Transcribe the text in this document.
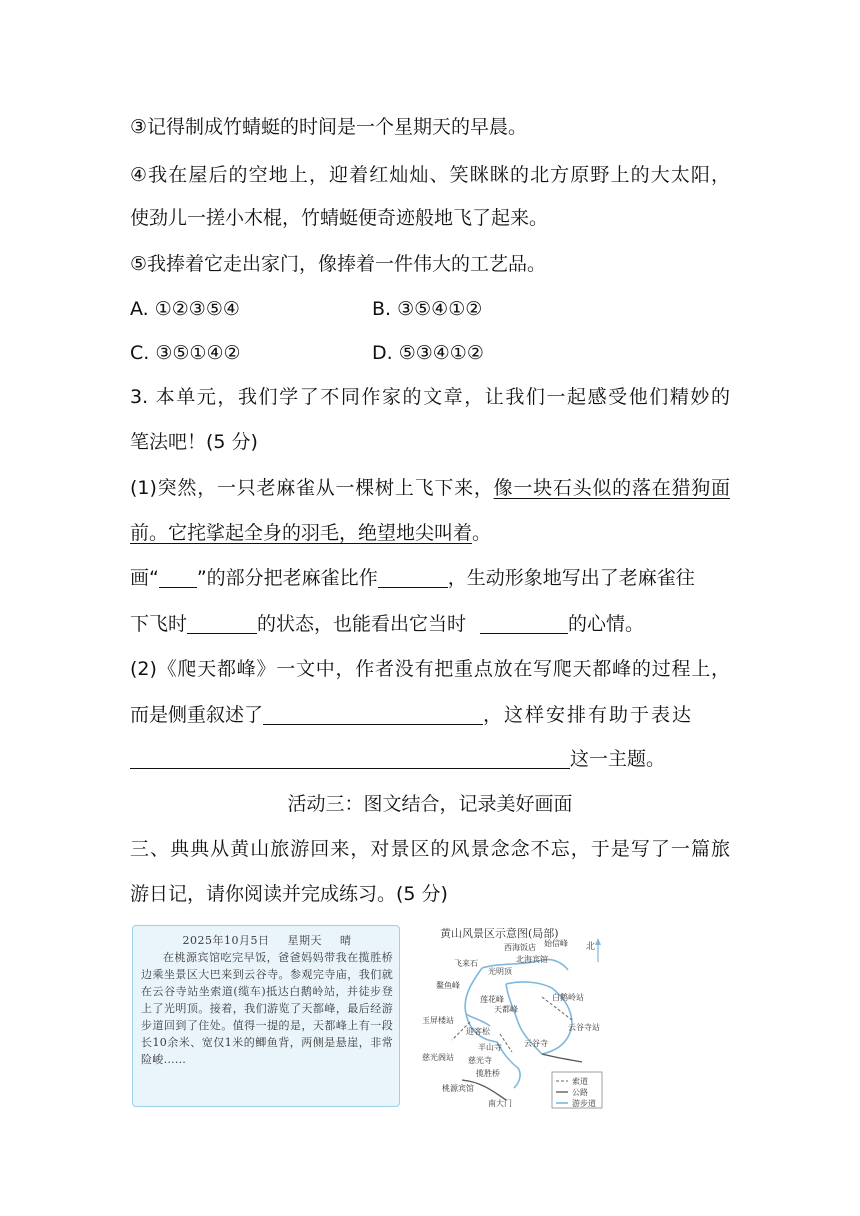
③记得制成竹蜻蜓的时间是一个星期天的早晨。
④我在屋后的空地上，迎着红灿灿、笑眯眯的北方原野上的大太阳，
使劲儿一搓小木棍，竹蜻蜓便奇迹般地飞了起来。
⑤我捧着它走出家门，像捧着一件伟大的工艺品。
A. ①②③⑤④	B. ③⑤④①②
C. ③⑤①④②	D. ⑤③④①②
3. 本单元，我们学了不同作家的文章，让我们一起感受他们精妙的
笔法吧！(5 分)
(1)突然，一只老麻雀从一棵树上飞下来，像一块石头似的落在猎狗面
前。它挓挲起全身的羽毛，绝望地尖叫着。
画“ ”的部分把老麻雀比作	，生动形象地写出了老麻雀往
下飞时	的状态，也能看出它当时	的心情。
(2)《爬天都峰》一文中，作者没有把重点放在写爬天都峰的过程上，
而是侧重叙述了	，这样安排有助于表达
这一主题。
活动三：图文结合，记录美好画面
三、典典从黄山旅游回来，对景区的风景念念不忘，于是写了一篇旅
游日记，请你阅读并完成练习。(5 分)
2025年10月5日 星期天 晴
在桃源宾馆吃完早饭，爸爸妈妈带我在揽胜桥边乘坐景区大巴来到云谷寺。参观完寺庙，我们就在云谷寺站坐索道(缆车)抵达白鹅岭站，并徒步登上了光明顶。接着，我们游览了天都峰，最后经游步道回到了住处。值得一提的是，天都峰上有一段长10余米、宽仅1米的鲫鱼背，两侧是悬崖，非常险峻……
黄山风景区示意图(局部)
北
西海饭店 始信峰
飞来石	北海宾馆
光明顶
鳌鱼峰
莲花峰	白鹅岭站
天都峰
玉屏楼站
迎客松	云谷寺站
半山寺	云谷寺
慈光阁站 慈光寺
揽胜桥
桃源宾馆
南大门
索道
公路
游步道
